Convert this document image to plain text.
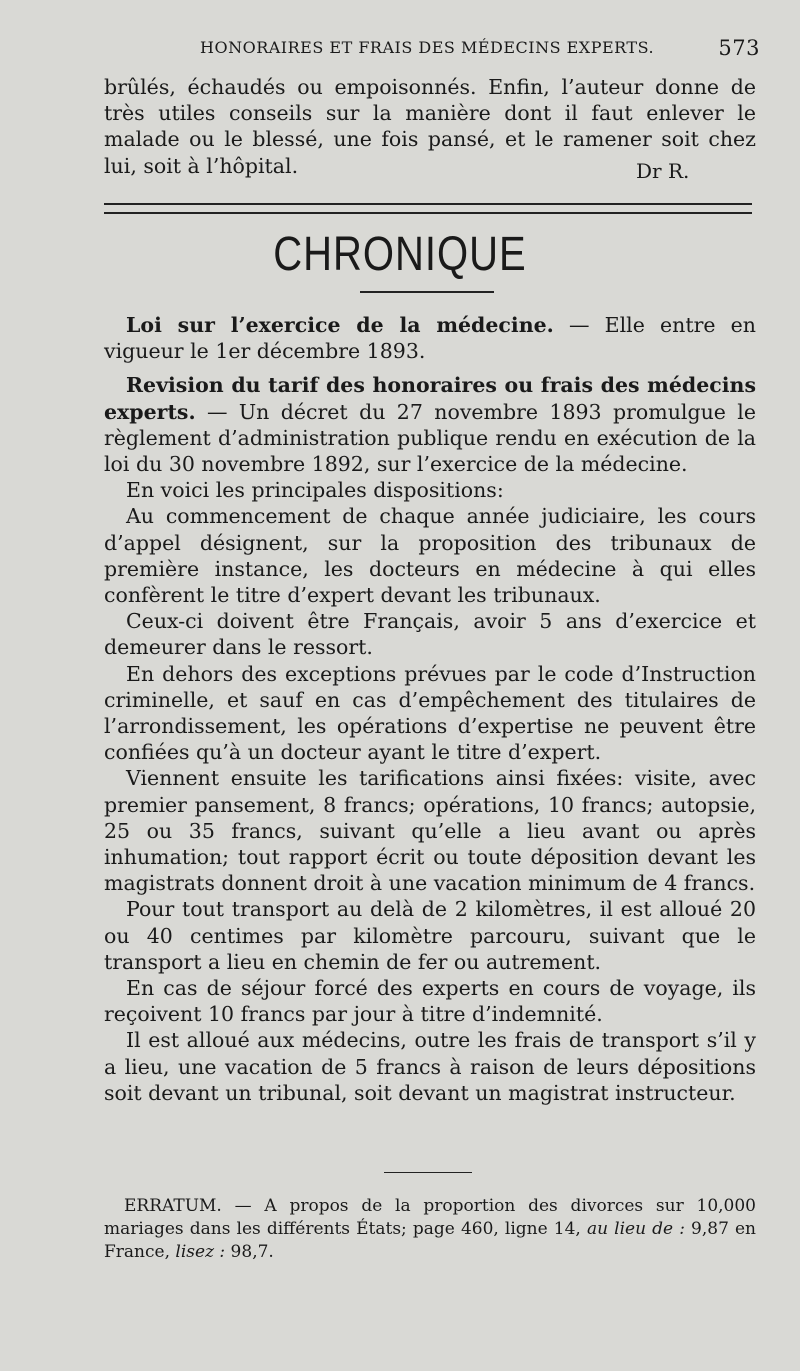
HONORAIRES ET FRAIS DES MÉDECINS EXPERTS.	573
brûlés, échaudés ou empoisonnés. Enfin, l’auteur donne de très utiles conseils sur la manière dont il faut enlever le malade ou le blessé, une fois pansé, et le ramener soit chez lui, soit à l’hôpital.	Dr R.
CHRONIQUE

Loi sur l’exercice de la médecine. — Elle entre en vigueur le 1er décembre 1893.

Revision du tarif des honoraires ou frais des médecins experts. — Un décret du 27 novembre 1893 promulgue le règlement d’administration publique rendu en exécution de la loi du 30 novembre 1892, sur l’exercice de la médecine.

En voici les principales dispositions:

Au commencement de chaque année judiciaire, les cours d’appel désignent, sur la proposition des tribunaux de première instance, les docteurs en médecine à qui elles confèrent le titre d’expert devant les tribunaux.

Ceux-ci doivent être Français, avoir 5 ans d’exercice et demeurer dans le ressort.

En dehors des exceptions prévues par le code d’Instruction criminelle, et sauf en cas d’empêchement des titulaires de l’arrondissement, les opérations d’expertise ne peuvent être confiées qu’à un docteur ayant le titre d’expert.

Viennent ensuite les tarifications ainsi fixées: visite, avec premier pansement, 8 francs; opérations, 10 francs; autopsie, 25 ou 35 francs, suivant qu’elle a lieu avant ou après inhumation; tout rapport écrit ou toute déposition devant les magistrats donnent droit à une vacation minimum de 4 francs.

Pour tout transport au delà de 2 kilomètres, il est alloué 20 ou 40 centimes par kilomètre parcouru, suivant que le transport a lieu en chemin de fer ou autrement.

En cas de séjour forcé des experts en cours de voyage, ils reçoivent 10 francs par jour à titre d’indemnité.

Il est alloué aux médecins, outre les frais de transport s’il y a lieu, une vacation de 5 francs à raison de leurs dépositions soit devant un tribunal, soit devant un magistrat instructeur.

ERRATUM. — A propos de la proportion des divorces sur 10,000 mariages dans les différents États; page 460, ligne 14, au lieu de : 9,87 en France, lisez : 98,7.
